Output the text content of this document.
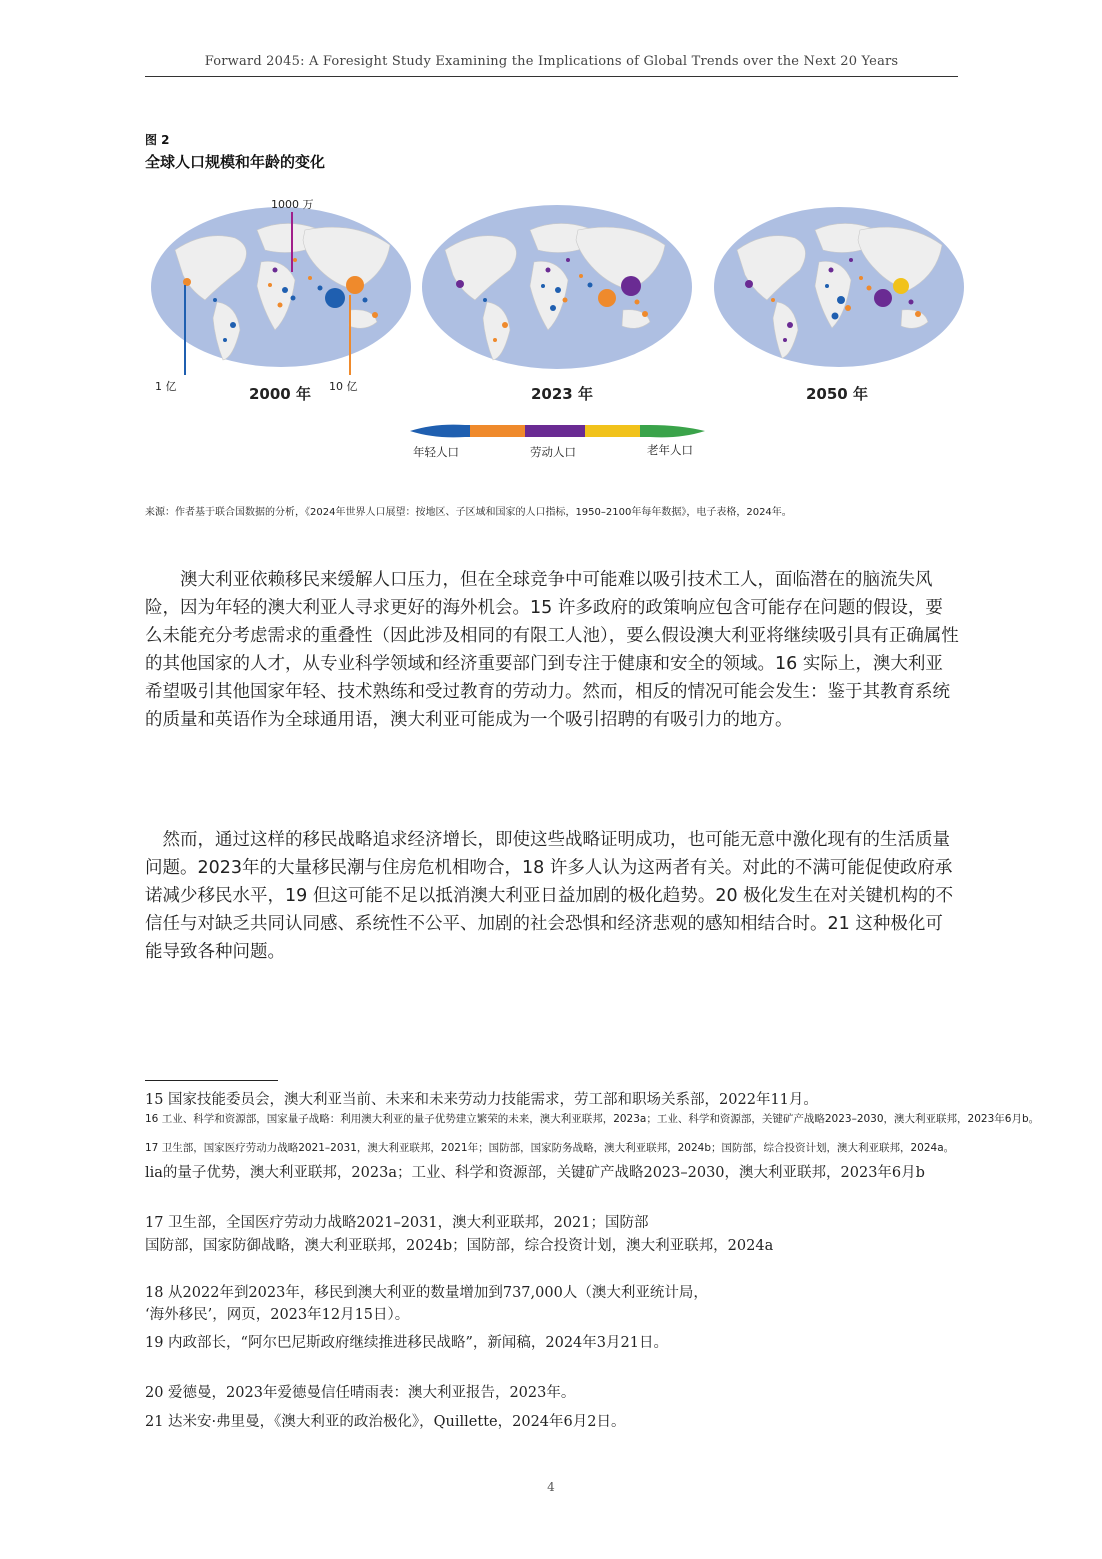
Forward 2045: A Foresight Study Examining the Implications of Global Trends over the Next 20 Years
图 2
全球人口规模和年龄的变化
1000 万
1 亿	10 亿
2000 年	2023 年	2050 年
年轻人口	劳动人口	老年人口
来源：作者基于联合国数据的分析，《2024年世界人口展望：按地区、子区域和国家的人口指标，1950–2100年每年数据》，电子表格，2024年。

澳大利亚依赖移民来缓解人口压力，但在全球竞争中可能难以吸引技术工人，面临潜在的脑流失风险，因为年轻的澳大利亚人寻求更好的海外机会。15 许多政府的政策响应包含可能存在问题的假设，要么未能充分考虑需求的重叠性（因此涉及相同的有限工人池），要么假设澳大利亚将继续吸引具有正确属性的其他国家的人才，从专业科学领域和经济重要部门到专注于健康和安全的领域。16 实际上，澳大利亚希望吸引其他国家年轻、技术熟练和受过教育的劳动力。然而，相反的情况可能会发生：鉴于其教育系统的质量和英语作为全球通用语，澳大利亚可能成为一个吸引招聘的有吸引力的地方。

然而，通过这样的移民战略追求经济增长，即使这些战略证明成功，也可能无意中激化现有的生活质量问题。2023年的大量移民潮与住房危机相吻合，18 许多人认为这两者有关。对此的不满可能促使政府承诺减少移民水平，19 但这可能不足以抵消澳大利亚日益加剧的极化趋势。20 极化发生在对关键机构的不信任与对缺乏共同认同感、系统性不公平、加剧的社会恐惧和经济悲观的感知相结合时。21 这种极化可能导致各种问题。

15 国家技能委员会，澳大利亚当前、未来和未来劳动力技能需求，劳工部和职场关系部，2022年11月。

16 工业、科学和资源部，国家量子战略：利用澳大利亚的量子优势建立繁荣的未来，澳大利亚联邦，2023a；工业、科学和资源部，关键矿产战略2023–2030，澳大利亚联邦，2023年6月b。

17 卫生部，国家医疗劳动力战略2021–2031，澳大利亚联邦，2021年；国防部，国家防务战略，澳大利亚联邦，2024b；国防部，综合投资计划，澳大利亚联邦，2024a。

lia的量子优势，澳大利亚联邦，2023a；工业、科学和资源部，关键矿产战略2023–2030，澳大利亚联邦，2023年6月b

17 卫生部，全国医疗劳动力战略2021–2031，澳大利亚联邦，2021；国防部

国防部，国家防御战略，澳大利亚联邦，2024b；国防部，综合投资计划，澳大利亚联邦，2024a

18 从2022年到2023年，移民到澳大利亚的数量增加到737,000人（澳大利亚统计局，

‘海外移民’，网页，2023年12月15日）。

19 内政部长，“阿尔巴尼斯政府继续推进移民战略”，新闻稿，2024年3月21日。

20 爱德曼，2023年爱德曼信任晴雨表：澳大利亚报告，2023年。

21 达米安·弗里曼，《澳大利亚的政治极化》，Quillette，2024年6月2日。

4
